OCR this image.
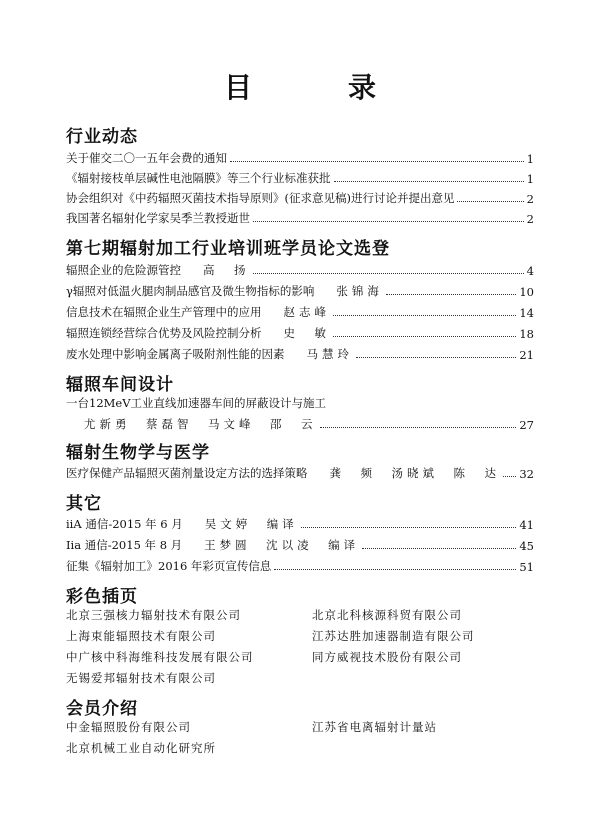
目　录
行业动态
关于催交二〇一五年会费的通知	1
《辐射接枝单层碱性电池隔膜》等三个行业标准获批	1
协会组织对《中药辐照灭菌技术指导原则》(征求意见稿)进行讨论并提出意见	2
我国著名辐射化学家吴季兰教授逝世	2
第七期辐射加工行业培训班学员论文选登
辐照企业的危险源管控 高　扬	4
γ辐照对低温火腿肉制品感官及微生物指标的影响 张锦海	10
信息技术在辐照企业生产管理中的应用 赵志峰	14
辐照连锁经营综合优势及风险控制分析 史　敏	18
废水处理中影响金属离子吸附剂性能的因素 马慧玲	21
辐照车间设计
一台12MeV工业直线加速器车间的屏蔽设计与施工
尤新勇　蔡磊智　马文峰　邵　云	27
辐射生物学与医学
医疗保健产品辐照灭菌剂量设定方法的选择策略 龚　频　汤晓斌　陈　达 32
其它
iiA 通信-2015 年 6 月 吴文婷　编译	41
Iia 通信-2015 年 8 月 王梦圆　沈以凌　编译	45
征集《辐射加工》2016 年彩页宣传信息	51
彩色插页
北京三强核力辐射技术有限公司
上海束能辐照技术有限公司
中广核中科海维科技发展有限公司
无锡爱邦辐射技术有限公司
北京北科核源科贸有限公司
江苏达胜加速器制造有限公司
同方威视技术股份有限公司
会员介绍
中金辐照股份有限公司
北京机械工业自动化研究所
江苏省电离辐射计量站
